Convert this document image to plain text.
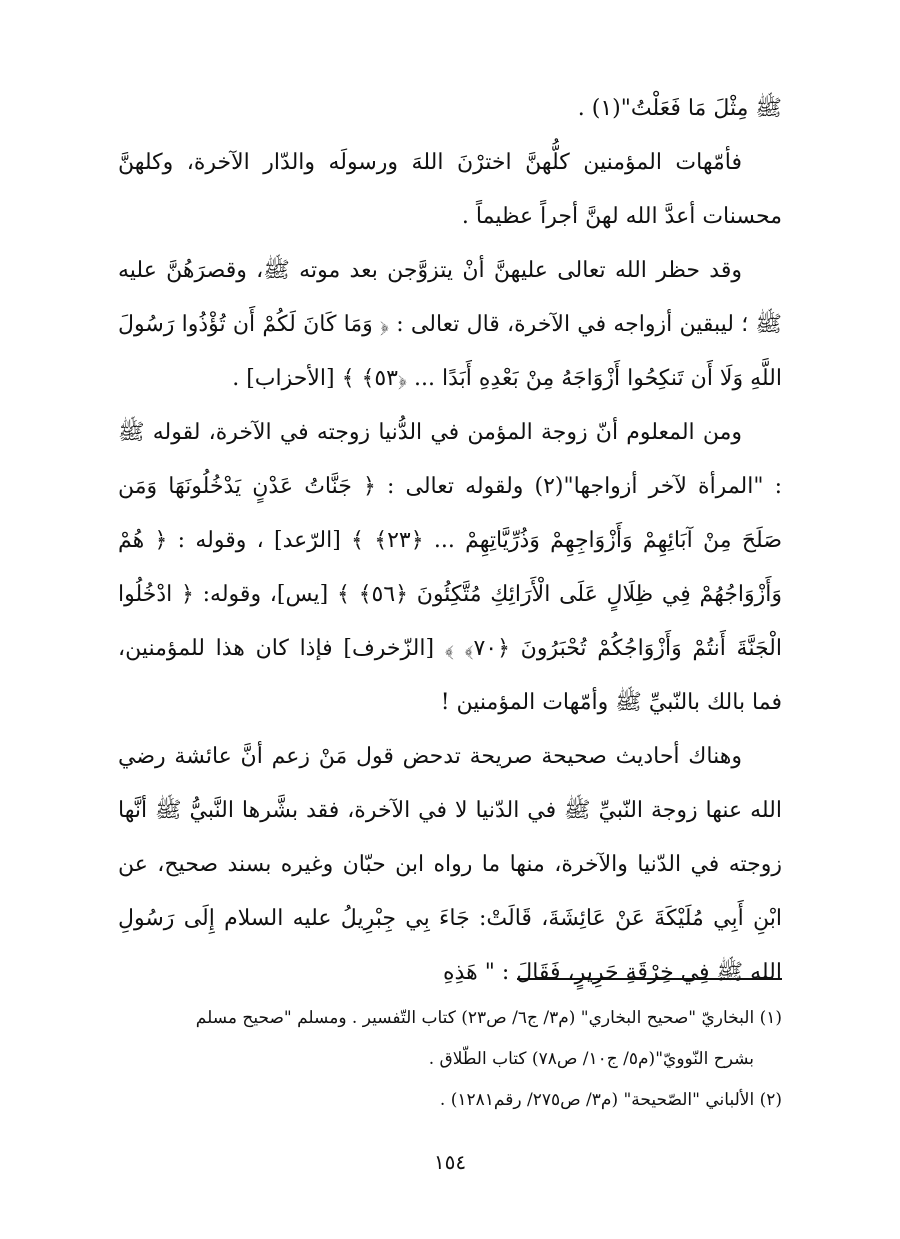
ﷺ مِثْلَ مَا فَعَلْتُ"(١) .

فأمّهات المؤمنين كلُّهنَّ اخترْنَ اللهَ ورسولَه والدّار الآخرة، وكلهنَّ محسنات أعدَّ الله لهنَّ أجراً عظيماً .

وقد حظر الله تعالى عليهنَّ أنْ يتزوَّجن بعد موته ﷺ، وقصرَهُنَّ عليه ﷺ ؛ ليبقين أزواجه في الآخرة، قال تعالى : ﴿ وَمَا كَانَ لَكُمْ أَن تُؤْذُوا رَسُولَ اللَّهِ وَلَا أَن تَنكِحُوا أَزْوَاجَهُ مِنْ بَعْدِهِ أَبَدًا ... ﴿٥٣﴾ ﴾ [الأحزاب] .

ومن المعلوم أنّ زوجة المؤمن في الدُّنيا زوجته في الآخرة، لقوله ﷺ : "المرأة لآخر أزواجها"(٢) ولقوله تعالى : ﴿ جَنَّاتُ عَدْنٍ يَدْخُلُونَهَا وَمَن صَلَحَ مِنْ آبَائِهِمْ وَأَزْوَاجِهِمْ وَذُرِّيَّاتِهِمْ ... ﴿٢٣﴾ ﴾ [الرّعد] ، وقوله : ﴿ هُمْ وَأَزْوَاجُهُمْ فِي ظِلَالٍ عَلَى الْأَرَائِكِ مُتَّكِئُونَ ﴿٥٦﴾ ﴾ [يس]، وقوله: ﴿ ادْخُلُوا الْجَنَّةَ أَنتُمْ وَأَزْوَاجُكُمْ تُحْبَرُونَ ﴿٧٠﴾ ﴾ [الزّخرف] فإذا كان هذا للمؤمنين، فما بالك بالنّبيِّ ﷺ وأمّهات المؤمنين !

وهناك أحاديث صحيحة صريحة تدحض قول مَنْ زعم أنَّ عائشة رضي الله عنها زوجة النّبيِّ ﷺ في الدّنيا لا في الآخرة، فقد بشَّرها النَّبيُّ ﷺ أنَّها زوجته في الدّنيا والآخرة، منها ما رواه ابن حبّان وغيره بسند صحيح، عن ابْنِ أَبِي مُلَيْكَةَ عَنْ عَائِشَةَ، قَالَتْ: جَاءَ بِي جِبْرِيلُ عليه السلام إِلَى رَسُولِ الله ﷺ فِي خِرْقَةِ حَرِيرٍ، فَقَالَ : " هَذِهِ

(١) البخاريّ "صحيح البخاري" (م٣/ ج٦/ ص٢٣) كتاب التّفسير . ومسلم "صحيح مسلم

بشرح النّوويّ"(م٥/ ج١٠/ ص٧٨) كتاب الطّلاق .

(٢) الألباني "الصّحيحة" (م٣/ ص٢٧٥/ رقم١٢٨١) .

١٥٤
